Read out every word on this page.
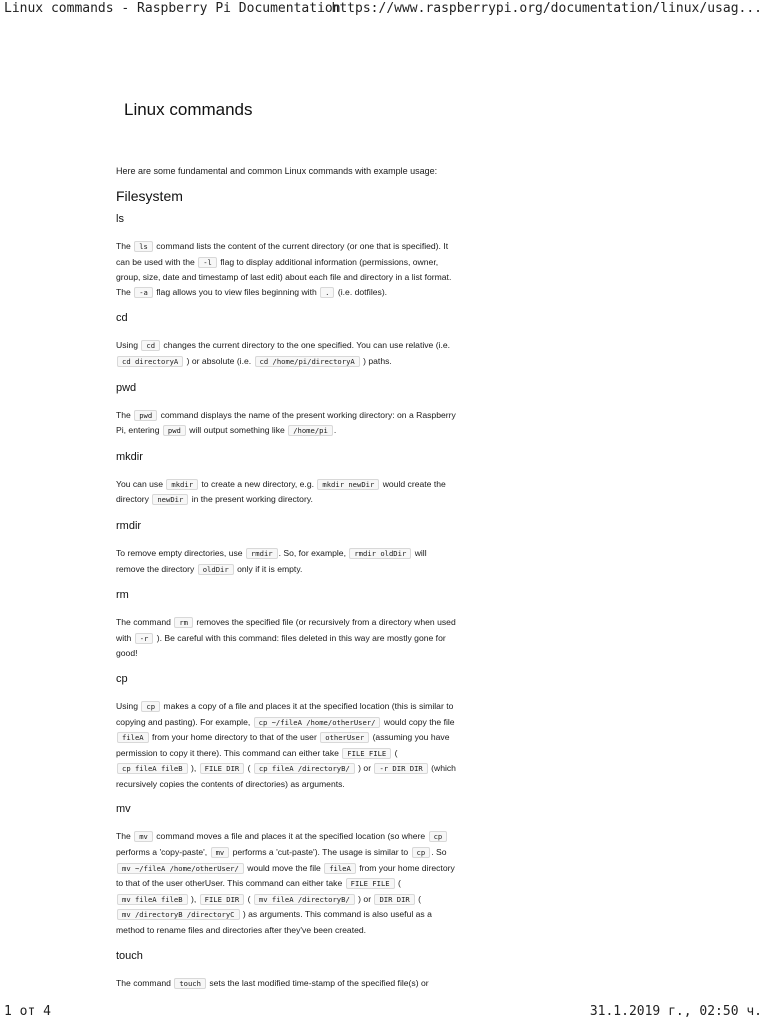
Linux commands - Raspberry Pi Documentation
https://www.raspberrypi.org/documentation/linux/usag...
Linux commands

Here are some fundamental and common Linux commands with example usage:

Filesystem
ls

The ls command lists the content of the current directory (or one that is specified). It can be used with the -l flag to display additional information (permissions, owner, group, size, date and timestamp of last edit) about each file and directory in a list format. The -a flag allows you to view files beginning with . (i.e. dotfiles).

cd

Using cd changes the current directory to the one specified. You can use relative (i.e. cd directoryA ) or absolute (i.e. cd /home/pi/directoryA ) paths.

pwd

The pwd command displays the name of the present working directory: on a Raspberry Pi, entering pwd will output something like /home/pi .

mkdir

You can use mkdir to create a new directory, e.g. mkdir newDir would create the directory newDir in the present working directory.

rmdir

To remove empty directories, use rmdir . So, for example, rmdir oldDir will remove the directory oldDir only if it is empty.

rm

The command rm removes the specified file (or recursively from a directory when used with -r ). Be careful with this command: files deleted in this way are mostly gone for good!

cp

Using cp makes a copy of a file and places it at the specified location (this is similar to copying and pasting). For example, cp ~/fileA /home/otherUser/ would copy the file fileA from your home directory to that of the user otherUser (assuming you have permission to copy it there). This command can either take FILE FILE ( cp fileA fileB ), FILE DIR ( cp fileA /directoryB/ ) or -r DIR DIR (which recursively copies the contents of directories) as arguments.

mv

The mv command moves a file and places it at the specified location (so where cp performs a 'copy-paste', mv performs a 'cut-paste'). The usage is similar to cp . So mv ~/fileA /home/otherUser/ would move the file fileA from your home directory to that of the user otherUser. This command can either take FILE FILE ( mv fileA fileB ), FILE DIR ( mv fileA /directoryB/ ) or DIR DIR ( mv /directoryB /directoryC ) as arguments. This command is also useful as a method to rename files and directories after they've been created.

touch

The command touch sets the last modified time-stamp of the specified file(s) or

1 от 4	31.1.2019 г., 02:50 ч.
